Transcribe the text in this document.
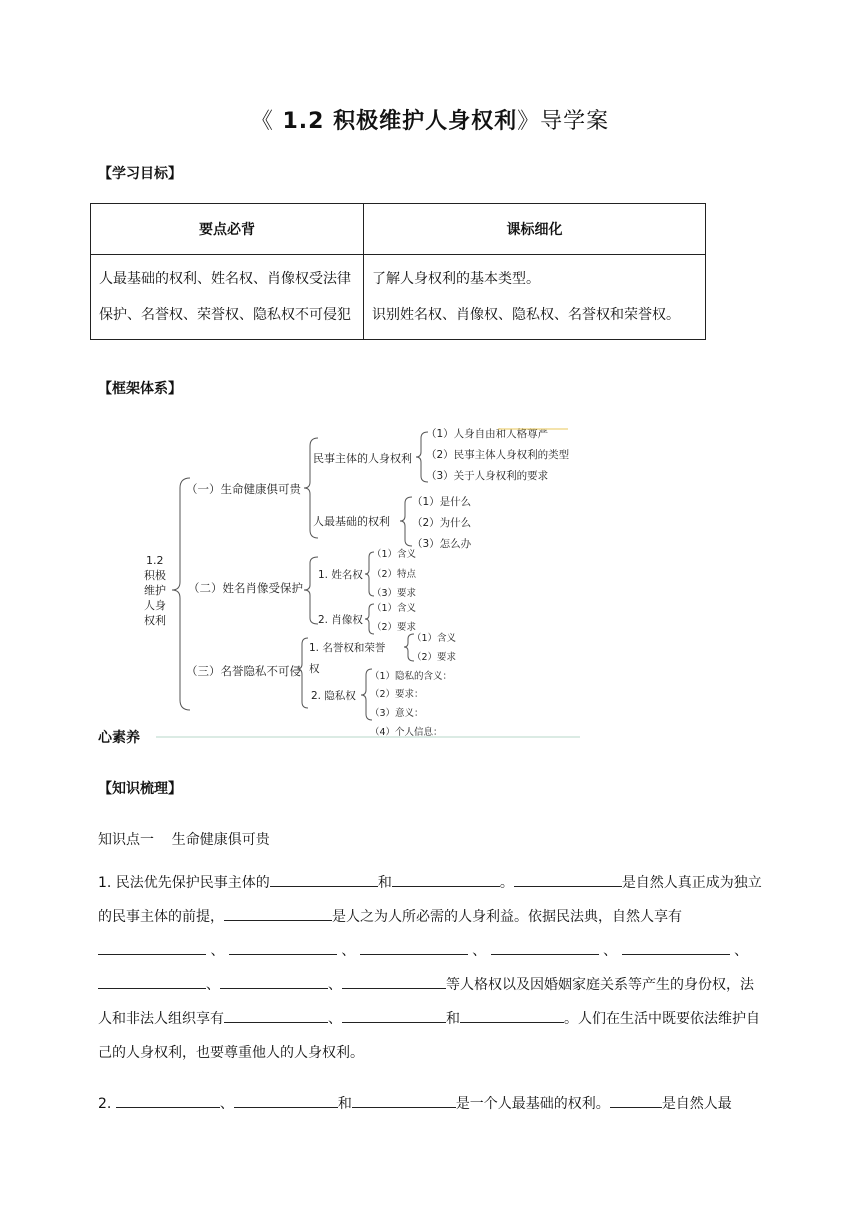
《 1.2 积极维护人身权利》导学案
【学习目标】
要点必背	课标细化
人最基础的权利、姓名权、肖像权受法律保护、名誉权、荣誉权、隐私权不可侵犯	了解人身权利的基本类型。

识别姓名权、肖像权、隐私权、名誉权和荣誉权。

【框架体系】
1.2
积极
维护
人身
权利
（一）生命健康俱可贵
民事主体的人身权利
（1）人身自由和人格尊严
（2）民事主体人身权利的类型
（3）关于人身权利的要求
人最基础的权利
（1）是什么
（2）为什么
（3）怎么办
（二）姓名肖像受保护
1. 姓名权
（1）含义
（2）特点
（3）要求
2. 肖像权
（1）含义
（2）要求
（三）名誉隐私不可侵
1. 名誉权和荣誉
权
（1）含义
（2）要求
2. 隐私权
（1）隐私的含义：
（2）要求：
（3）意义：
（4）个人信息：
心素养
【知识梳理】
知识点一    生命健康俱可贵
1. 民法优先保护民事主体的	和	。	是自然人真正成为独立的民事主体的前提，	是人之为人所必需的人身利益。依据民法典，自然人享有  、	、	、	、	、 、	、	等人格权以及因婚姻家庭关系等产生的身份权，法人和非法人组织享有	、	和	。人们在生活中既要依法维护自己的人身权利，也要尊重他人的人身权利。
2.	、	和	是一个人最基础的权利。	是自然人最
